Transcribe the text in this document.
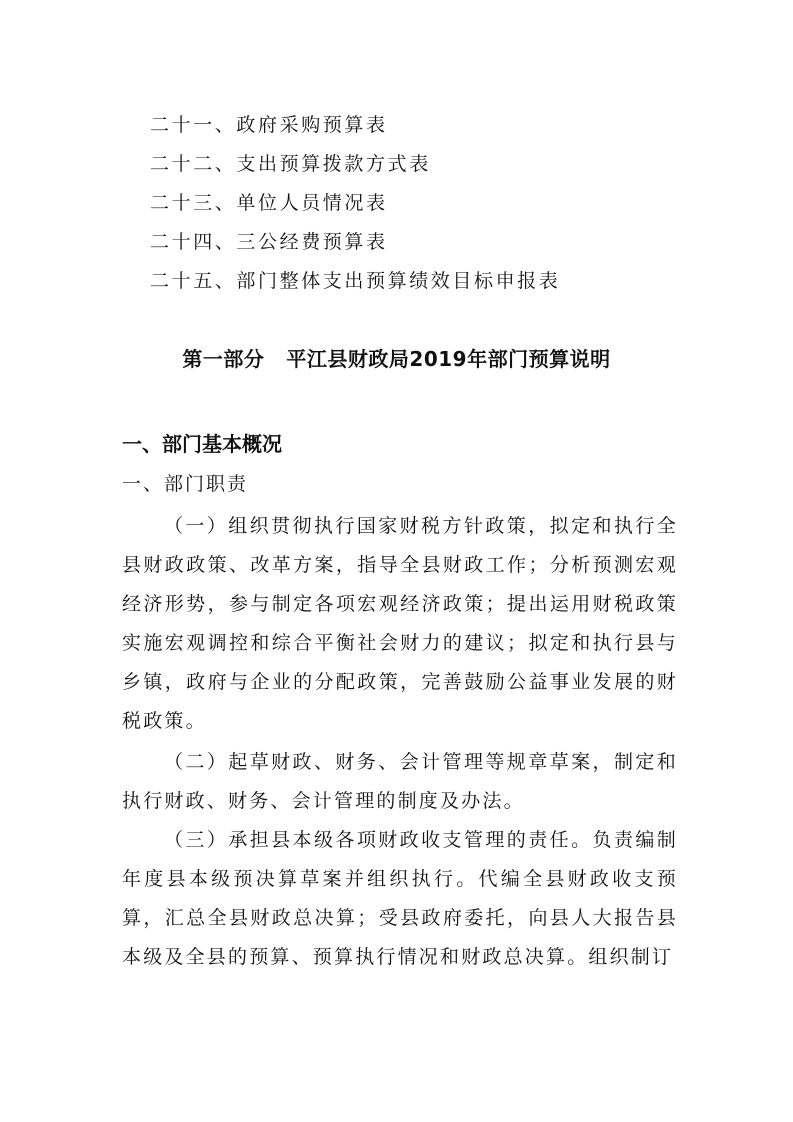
二十一、政府采购预算表
二十二、支出预算拨款方式表
二十三、单位人员情况表
二十四、三公经费预算表
二十五、部门整体支出预算绩效目标申报表
第一部分 平江县财政局2019年部门预算说明
一、部门基本概况
一、部门职责

（一）组织贯彻执行国家财税方针政策，拟定和执行全县财政政策、改革方案，指导全县财政工作；分析预测宏观经济形势，参与制定各项宏观经济政策；提出运用财税政策实施宏观调控和综合平衡社会财力的建议；拟定和执行县与乡镇，政府与企业的分配政策，完善鼓励公益事业发展的财税政策。

（二）起草财政、财务、会计管理等规章草案，制定和执行财政、财务、会计管理的制度及办法。

（三）承担县本级各项财政收支管理的责任。负责编制年度县本级预决算草案并组织执行。代编全县财政收支预算，汇总全县财政总决算；受县政府委托，向县人大报告县本级及全县的预算、预算执行情况和财政总决算。组织制订
